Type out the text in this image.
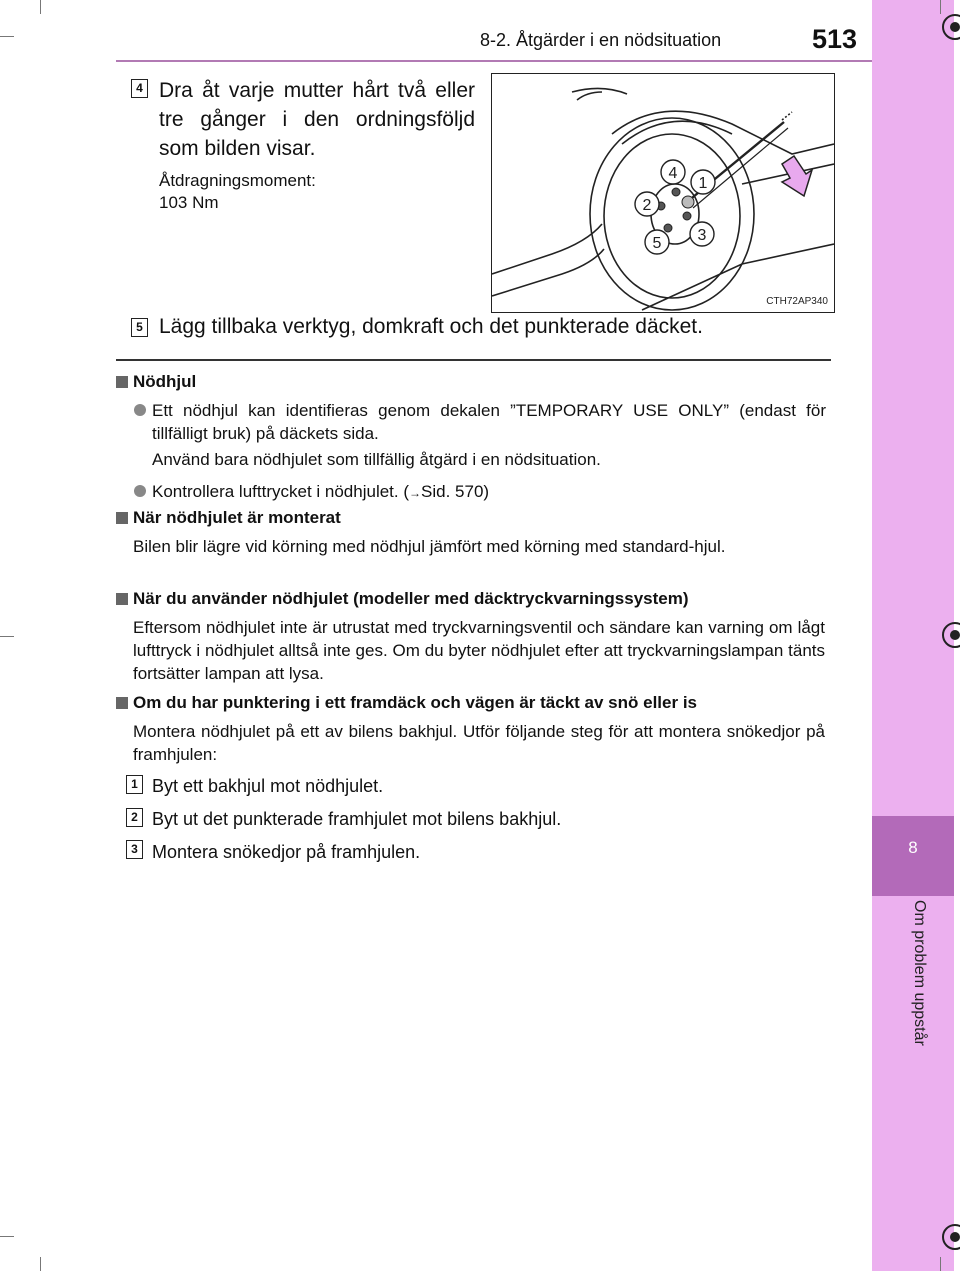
8
Om problem uppstår
8-2. Åtgärder i en nödsituation	513
4 Dra åt varje mutter hårt två eller tre gånger i den ordningsföljd som bilden visar.
Åtdragningsmoment:
103 Nm
1
2
3
4
5
CTH72AP340
5 Lägg tillbaka verktyg, domkraft och det punkterade däcket.
Nödhjul
Ett nödhjul kan identifieras genom dekalen ”TEMPORARY USE ONLY” (endast för tillfälligt bruk) på däckets sida.
Använd bara nödhjulet som tillfällig åtgärd i en nödsituation.
Kontrollera lufttrycket i nödhjulet. (→Sid. 570)
När nödhjulet är monterat
Bilen blir lägre vid körning med nödhjul jämfört med körning med standard-hjul.
När du använder nödhjulet (modeller med däcktryckvarningssystem)
Eftersom nödhjulet inte är utrustat med tryckvarningsventil och sändare kan varning om lågt lufttryck i nödhjulet alltså inte ges. Om du byter nödhjulet efter att tryckvarningslampan tänts fortsätter lampan att lysa.
Om du har punktering i ett framdäck och vägen är täckt av snö eller is
Montera nödhjulet på ett av bilens bakhjul. Utför följande steg för att montera snökedjor på framhjulen:
1 Byt ett bakhjul mot nödhjulet.
2 Byt ut det punkterade framhjulet mot bilens bakhjul.
3 Montera snökedjor på framhjulen.
